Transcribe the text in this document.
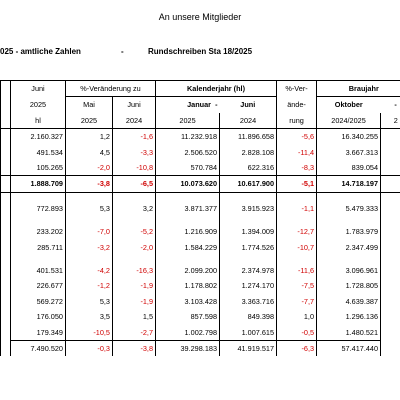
An unsere Mitglieder
025 - amtliche Zahlen	-	Rundschreiben Sta 18/2025
	Juni	%-Veränderung zu		Kalenderjahr (hl)		%-Ver-	Braujahr	
	2025	Mai	Juni	Januar -	Juni	ände-	Oktober	-
	hl	2025	2024	2025	2024	rung	2024/2025	2
	2.160.327	1,2	-1,6	11.232.918	11.896.658	-5,6	16.340.255	
	491.534	4,5	-3,3	2.506.520	2.828.108	-11,4	3.667.313	
	105.265	-2,0	-10,8	570.784	622.316	-8,3	839.054	
	1.888.709	-3,8	-6,5	10.073.620	10.617.900	-5,1	14.718.197	

	772.893	5,3	3,2	3.871.377	3.915.923	-1,1	5.479.333	

	233.202	-7,0	-5,2	1.216.909	1.394.009	-12,7	1.783.979	
	285.711	-3,2	-2,0	1.584.229	1.774.526	-10,7	2.347.499	

	401.531	-4,2	-16,3	2.099.200	2.374.978	-11,6	3.096.961	
	226.677	-1,2	-1,9	1.178.802	1.274.170	-7,5	1.728.805	
	569.272	5,3	-1,9	3.103.428	3.363.716	-7,7	4.639.387	
	176.050	3,5	1,5	857.598	849.398	1,0	1.296.136	
	179.349	-10,5	-2,7	1.002.798	1.007.615	-0,5	1.480.521	
	7.490.520	-0,3	-3,8	39.298.183	41.919.517	-6,3	57.417.440	
